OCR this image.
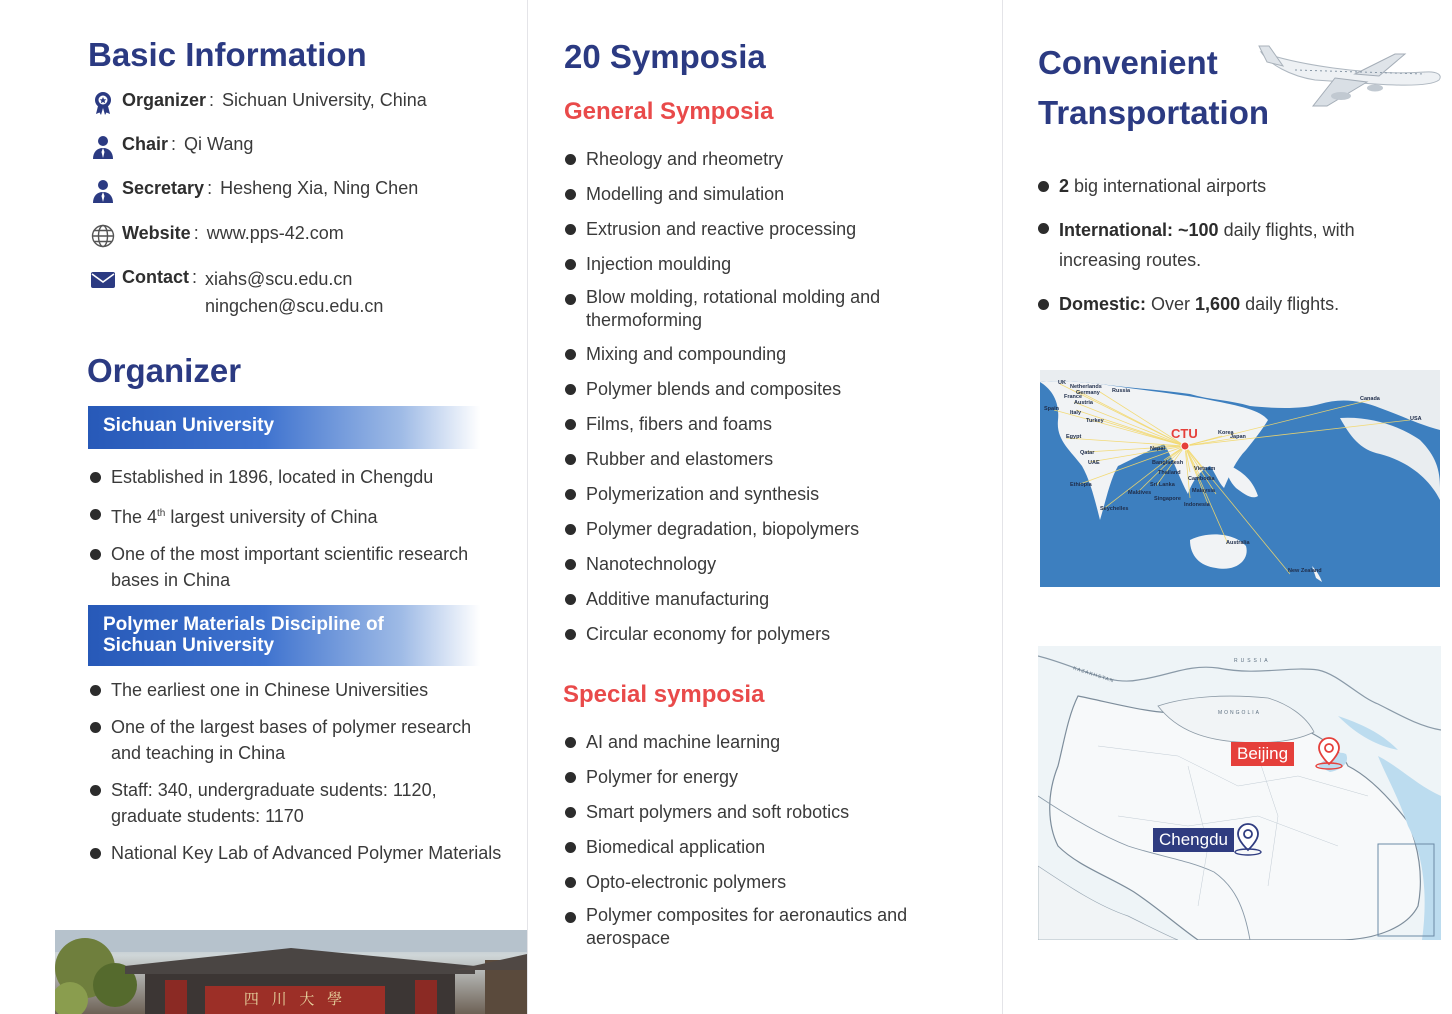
Basic Information
Organizer : Sichuan University, China
Chair : Qi Wang
Secretary : Hesheng Xia, Ning Chen
Website : www.pps-42.com
Contact : xiahs@scu.edu.cn
ningchen@scu.edu.cn
Organizer
Sichuan University
Established in 1896, located in Chengdu
The 4th largest university of China
One of the most important scientific research
bases in China
Polymer Materials Discipline of
Sichuan University
The earliest one in Chinese Universities
One of the largest bases of polymer research and teaching in China
Staff: 340, undergraduate sudents: 1120, graduate students: 1170
National Key Lab of Advanced Polymer Materials
四 川 大 學
20 Symposia
General Symposia
Rheology and rheometry
Modelling and simulation
Extrusion and reactive processing
Injection moulding
Blow molding, rotational molding and thermoforming
Mixing and compounding
Polymer blends and composites
Films, fibers and foams
Rubber and elastomers
Polymerization and synthesis
Polymer degradation, biopolymers
Nanotechnology
Additive manufacturing
Circular economy for polymers
Special symposia
AI and machine learning
Polymer for energy
Smart polymers and soft robotics
Biomedical application
Opto-electronic polymers
Polymer composites for aeronautics and aerospace
Convenient
Transportation
2 big international airports
International: ~100 daily flights, with increasing routes.
Domestic: Over 1,600 daily flights.
CTU
UK
Netherlands
Germany Russia
France
Austria
Spain
Italy
Turkey
Egypt
Qatar
UAE
Ethiopia
Nepal
Bangladesh
Thailand
Vietnam
Cambodia
Sri Lanka
Maldives
Singapore
Malaysia
Indonesia
Seychelles
Korea
Japan
Canada
USA
Australia
New Zealand
KAZAKHSTAN
RUSSIA
MONGOLIA
Beijing
Chengdu
